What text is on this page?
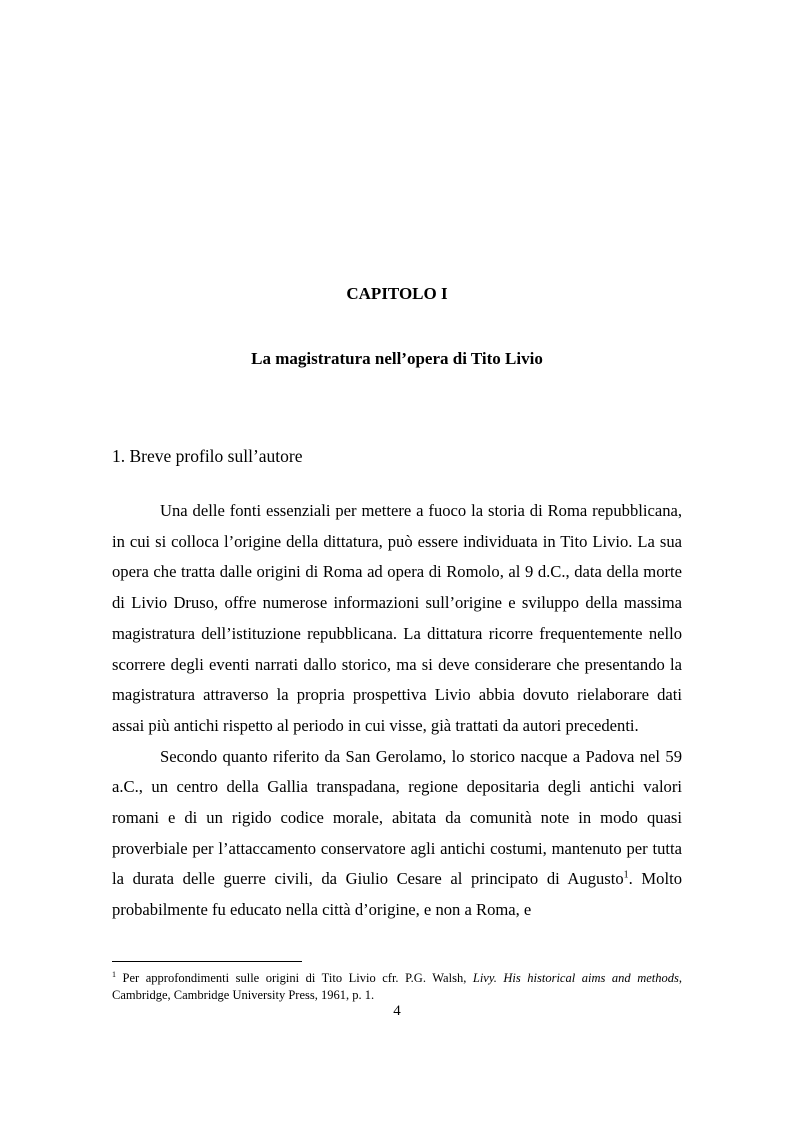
CAPITOLO I
La magistratura nell’opera di Tito Livio
1. Breve profilo sull’autore

Una delle fonti essenziali per mettere a fuoco la storia di Roma repubblicana, in cui si colloca l’origine della dittatura, può essere individuata in Tito Livio. La sua opera che tratta dalle origini di Roma ad opera di Romolo, al 9 d.C., data della morte di Livio Druso, offre numerose informazioni sull’origine e sviluppo della massima magistratura dell’istituzione repubblicana. La dittatura ricorre frequentemente nello scorrere degli eventi narrati dallo storico, ma si deve considerare che presentando la magistratura attraverso la propria prospettiva Livio abbia dovuto rielaborare dati assai più antichi rispetto al periodo in cui visse, già trattati da autori precedenti.

Secondo quanto riferito da San Gerolamo, lo storico nacque a Padova nel 59 a.C., un centro della Gallia transpadana, regione depositaria degli antichi valori romani e di un rigido codice morale, abitata da comunità note in modo quasi proverbiale per l’attaccamento conservatore agli antichi costumi, mantenuto per tutta la durata delle guerre civili, da Giulio Cesare al principato di Augusto$^1$. Molto probabilmente fu educato nella città d’origine, e non a Roma, e

$^1$ Per approfondimenti sulle origini di Tito Livio cfr. P.G. Walsh, Livy. His historical aims and methods, Cambridge, Cambridge University Press, 1961, p. 1.
4
